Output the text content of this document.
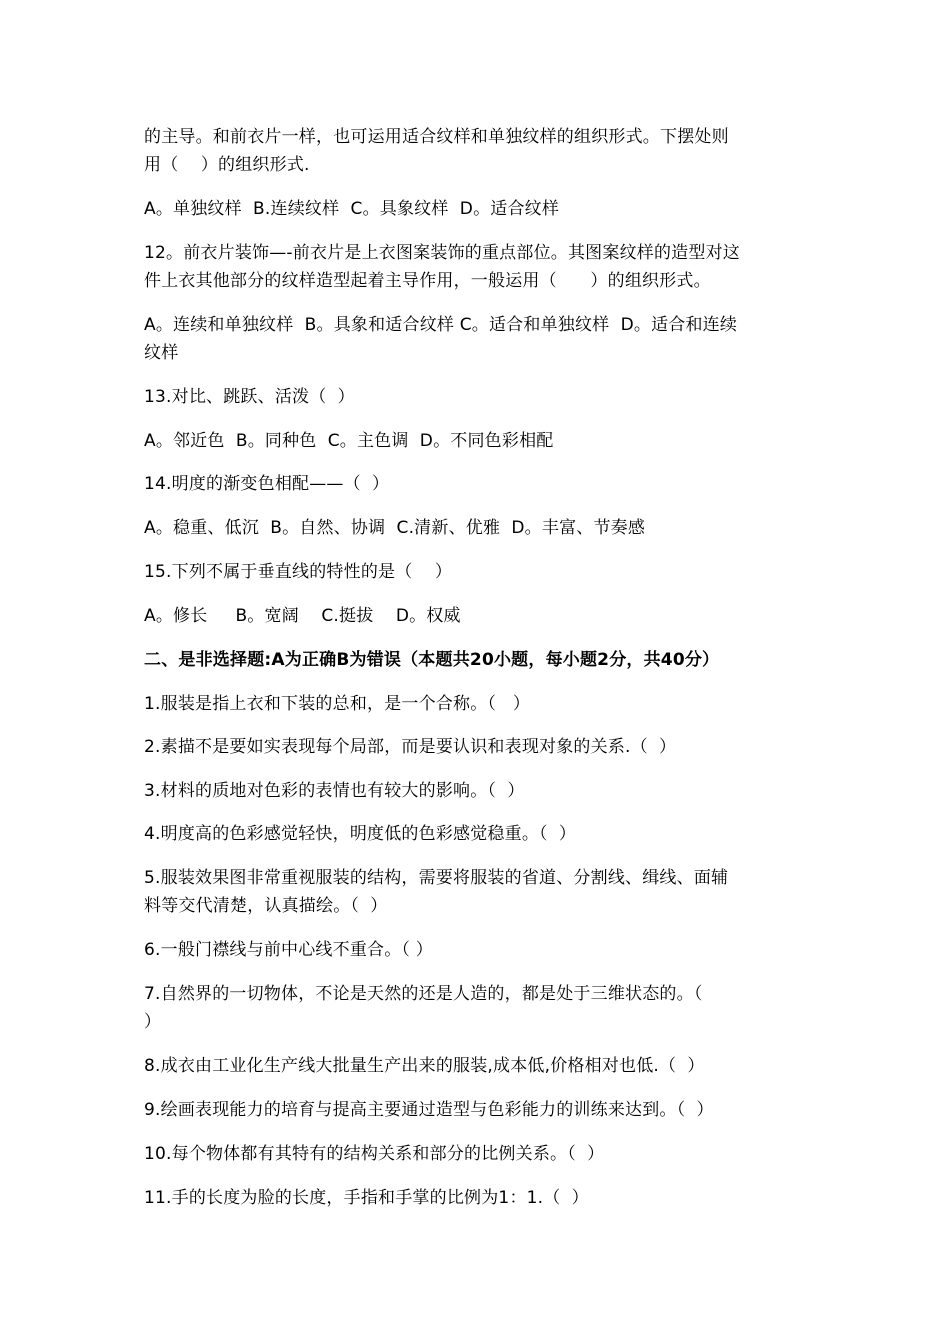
的主导。和前衣片一样，也可运用适合纹样和单独纹样的组织形式。下摆处则
用（    ）的组织形式.
A。单独纹样  B.连续纹样  C。具象纹样  D。适合纹样
12。前衣片装饰—-前衣片是上衣图案装饰的重点部位。其图案纹样的造型对这
件上衣其他部分的纹样造型起着主导作用，一般运用（      ）的组织形式。
A。连续和单独纹样  B。具象和适合纹样 C。适合和单独纹样  D。适合和连续
纹样
13.对比、跳跃、活泼（  ）
A。邻近色  B。同种色  C。主色调  D。不同色彩相配
14.明度的渐变色相配——（  ）
A。稳重、低沉  B。自然、协调  C.清新、优雅  D。丰富、节奏感
15.下列不属于垂直线的特性的是（    ）
A。修长     B。宽阔    C.挺拔    D。权威
二、是非选择题:A为正确B为错误（本题共20小题，每小题2分，共40分）
1.服装是指上衣和下装的总和，是一个合称。（   ）
2.素描不是要如实表现每个局部，而是要认识和表现对象的关系.（  ）
3.材料的质地对色彩的表情也有较大的影响。（  ）
4.明度高的色彩感觉轻快，明度低的色彩感觉稳重。（  ）
5.服装效果图非常重视服装的结构，需要将服装的省道、分割线、缉线、面辅
料等交代清楚，认真描绘。（  ）
6.一般门襟线与前中心线不重合。（ ）
7.自然界的一切物体，不论是天然的还是人造的，都是处于三维状态的。（
）
8.成衣由工业化生产线大批量生产出来的服装,成本低,价格相对也低.（  ）
9.绘画表现能力的培育与提高主要通过造型与色彩能力的训练来达到。（  ）
10.每个物体都有其特有的结构关系和部分的比例关系。（  ）
11.手的长度为脸的长度，手指和手掌的比例为1：1.（  ）
